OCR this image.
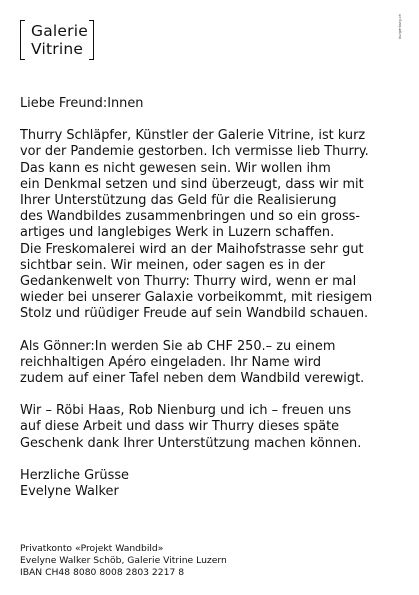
Galerie
Vitrine
burgerburg.ch

Liebe Freund:Innen

Thurry Schläpfer, Künstler der Galerie Vitrine, ist kurz
vor der Pandemie gestorben. Ich vermisse lieb Thurry.
Das kann es nicht gewesen sein. Wir wollen ihm
ein Denkmal setzen und sind überzeugt, dass wir mit
Ihrer Unterstützung das Geld für die Realisierung
des Wandbildes zusammenbringen und so ein gross-
artiges und langlebiges Werk in Luzern schaffen.
Die Freskomalerei wird an der Maihofstrasse sehr gut
sichtbar sein. Wir meinen, oder sagen es in der
Gedankenwelt von Thurry: Thurry wird, wenn er mal
wieder bei unserer Galaxie vorbeikommt, mit riesigem
Stolz und rüüdiger Freude auf sein Wandbild schauen.

Als Gönner:In werden Sie ab CHF 250.– zu einem
reichhaltigen Apéro eingeladen. Ihr Name wird
zudem auf einer Tafel neben dem Wandbild verewigt.

Wir – Röbi Haas, Rob Nienburg und ich – freuen uns
auf diese Arbeit und dass wir Thurry dieses späte
Geschenk dank Ihrer Unterstützung machen können.

Herzliche Grüsse
Evelyne Walker

Privatkonto «Projekt Wandbild»
Evelyne Walker Schöb, Galerie Vitrine Luzern
IBAN CH48 8080 8008 2803 2217 8
